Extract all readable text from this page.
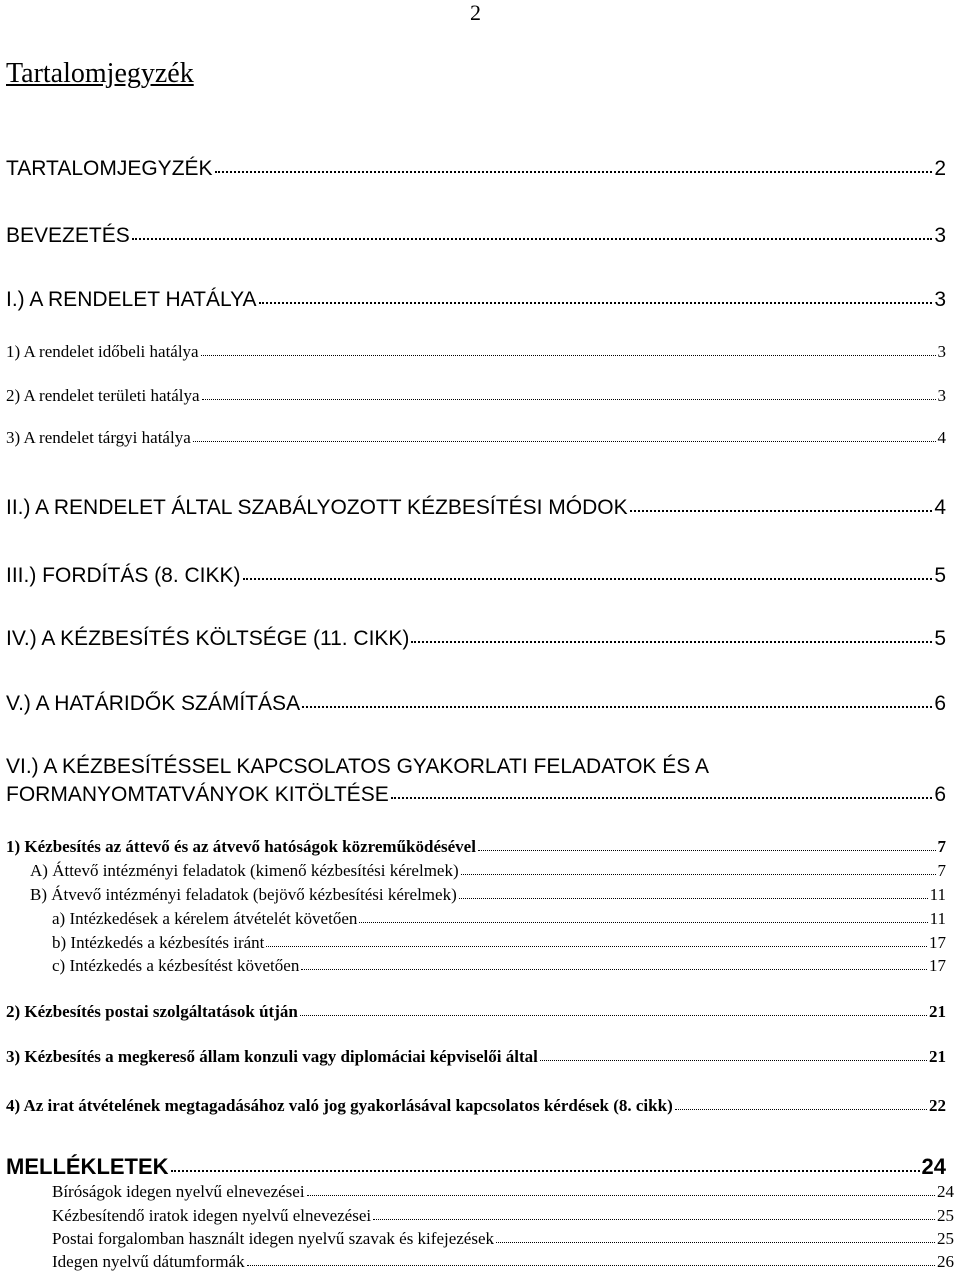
2
Tartalomjegyzék
TARTALOMJEGYZÉK	2
BEVEZETÉS	3
I.) A RENDELET HATÁLYA	3
1) A rendelet időbeli hatálya	3
2) A rendelet területi hatálya	3
3) A rendelet tárgyi hatálya	4
II.) A RENDELET ÁLTAL SZABÁLYOZOTT KÉZBESÍTÉSI MÓDOK	4
III.) FORDÍTÁS (8. CIKK)	5
IV.) A KÉZBESÍTÉS KÖLTSÉGE (11. CIKK)	5
V.) A HATÁRIDŐK SZÁMÍTÁSA	6
VI.) A KÉZBESÍTÉSSEL KAPCSOLATOS GYAKORLATI FELADATOK ÉS A
FORMANYOMTATVÁNYOK KITÖLTÉSE	6
1) Kézbesítés az áttevő és az átvevő hatóságok közreműködésével	7
A) Áttevő intézményi feladatok (kimenő kézbesítési kérelmek)	7
B) Átvevő intézményi feladatok (bejövő kézbesítési kérelmek)	11
a) Intézkedések a kérelem átvételét követően	11
b) Intézkedés a kézbesítés iránt	17
c) Intézkedés a kézbesítést követően	17
2) Kézbesítés postai szolgáltatások útján	21
3) Kézbesítés a megkereső állam konzuli vagy diplomáciai képviselői által	21
4) Az irat átvételének megtagadásához való jog gyakorlásával kapcsolatos kérdések (8. cikk)	22
MELLÉKLETEK	24
Bíróságok idegen nyelvű elnevezései	24
Kézbesítendő iratok idegen nyelvű elnevezései	25
Postai forgalomban használt idegen nyelvű szavak és kifejezések	25
Idegen nyelvű dátumformák	26
